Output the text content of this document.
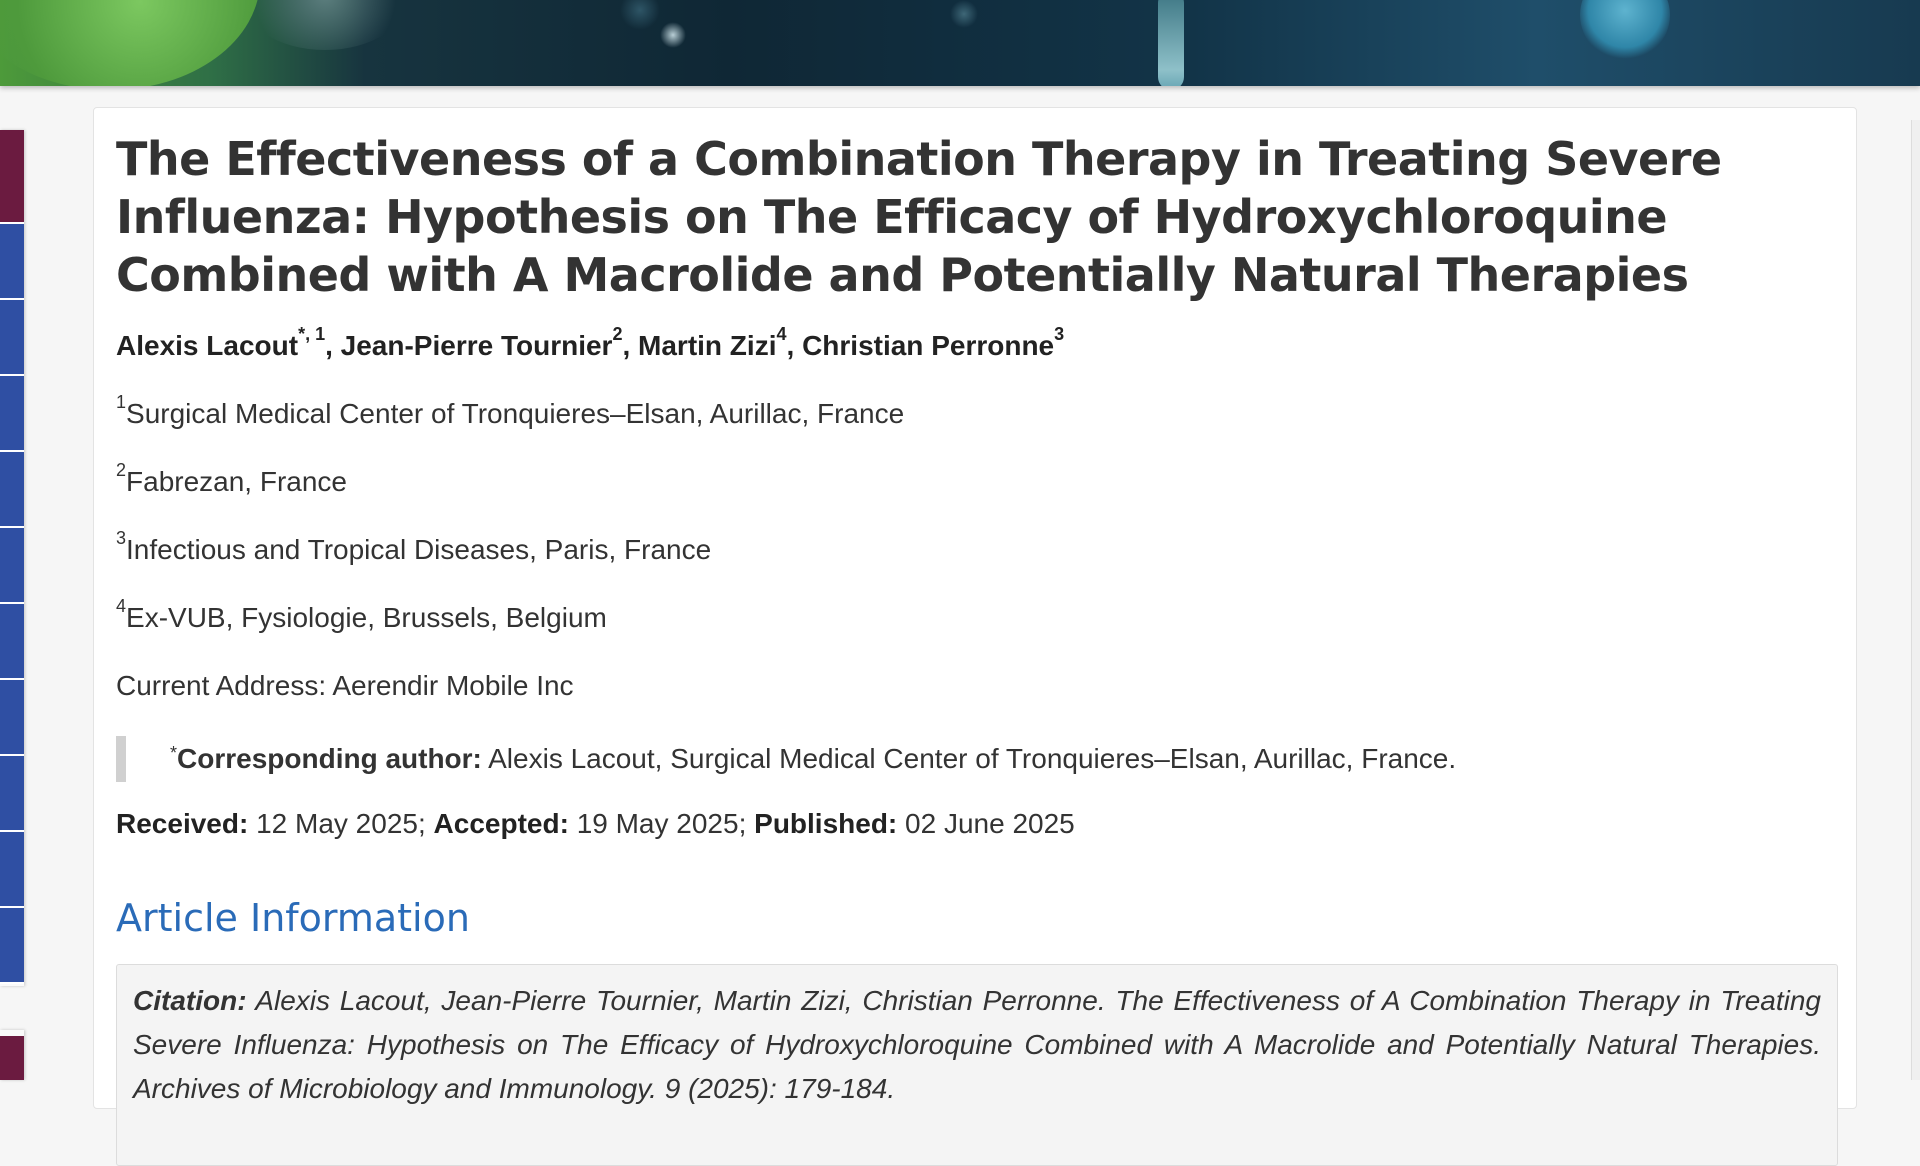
The Effectiveness of a Combination Therapy in Treating Severe Influenza: Hypothesis on The Efficacy of Hydroxychloroquine Combined with A Macrolide and Potentially Natural Therapies
Alexis Lacout$^{*, 1}$, Jean-Pierre Tournier$^2$, Martin Zizi$^4$, Christian Perronne$^3$
$^1$Surgical Medical Center of Tronquieres–Elsan, Aurillac, France
$^2$Fabrezan, France
$^3$Infectious and Tropical Diseases, Paris, France
$^4$Ex-VUB, Fysiologie, Brussels, Belgium
Current Address: Aerendir Mobile Inc
*Corresponding author: Alexis Lacout, Surgical Medical Center of Tronquieres–Elsan, Aurillac, France.
Received: 12 May 2025; Accepted: 19 May 2025; Published: 02 June 2025
Article Information

Citation: Alexis Lacout, Jean-Pierre Tournier, Martin Zizi, Christian Perronne. The Effectiveness of A Combination Therapy in Treating Severe Influenza: Hypothesis on The Efficacy of Hydroxychloroquine Combined with A Macrolide and Potentially Natural Therapies. Archives of Microbiology and Immunology. 9 (2025): 179-184.
